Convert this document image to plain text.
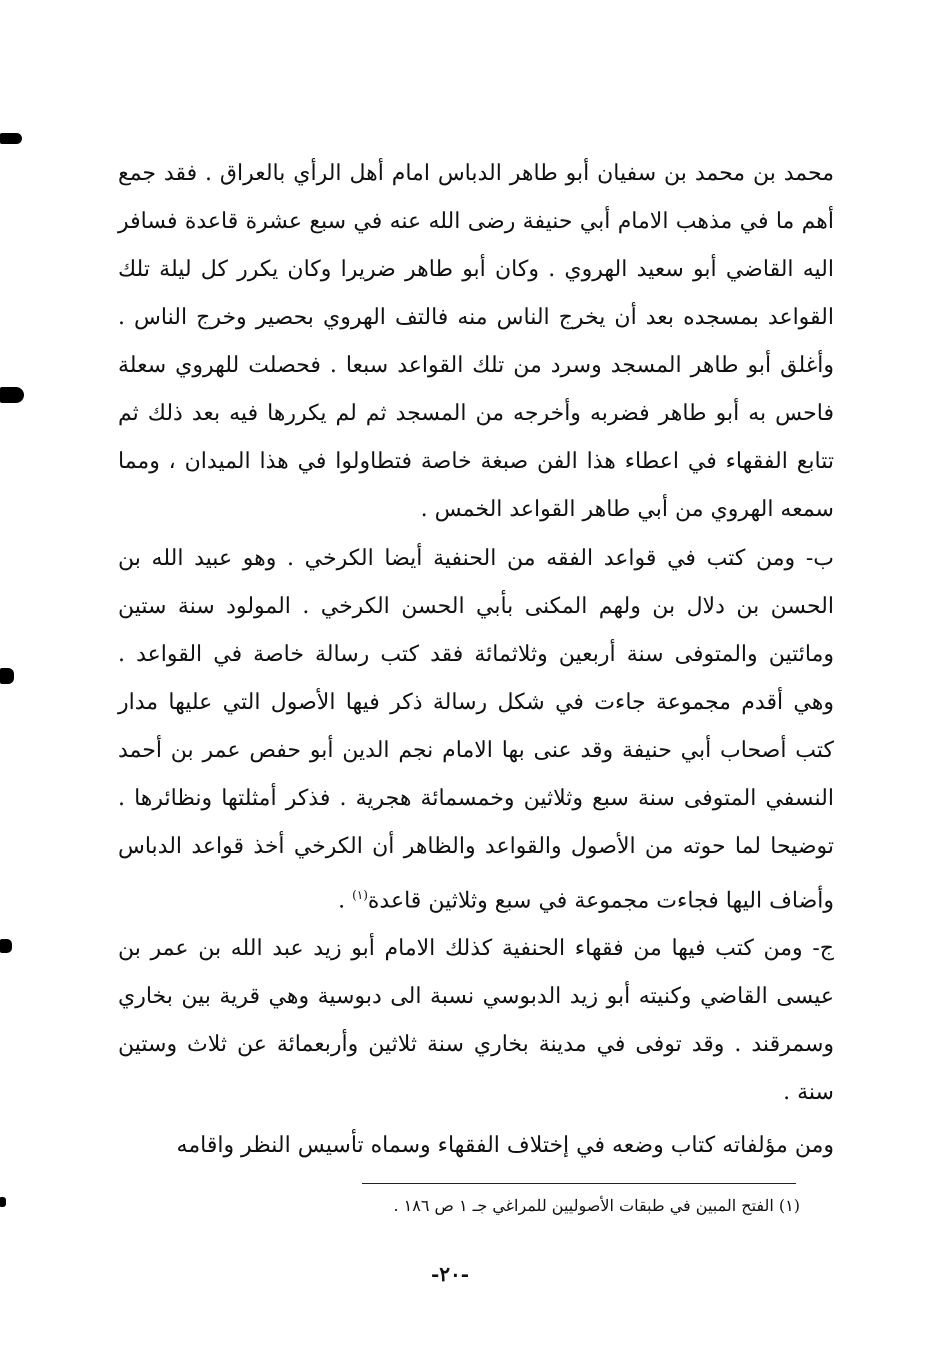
محمد بن محمد بن سفيان أبو طاهر الدباس امام أهل الرأي بالعراق . فقد جمع أهم ما في مذهب الامام أبي حنيفة رضى الله عنه في سبع عشرة قاعدة فسافر اليه القاضي أبو سعيد الهروي . وكان أبو طاهر ضريرا وكان يكرر كل ليلة تلك القواعد بمسجده بعد أن يخرج الناس منه فالتف الهروي بحصير وخرج الناس . وأغلق أبو طاهر المسجد وسرد من تلك القواعد سبعا . فحصلت للهروي سعلة فاحس به أبو طاهر فضربه وأخرجه من المسجد ثم لم يكررها فيه بعد ذلك ثم تتابع الفقهاء في اعطاء هذا الفن صبغة خاصة فتطاولوا في هذا الميدان ، ومما سمعه الهروي من أبي طاهر القواعد الخمس .

ب- ومن كتب في قواعد الفقه من الحنفية أيضا الكرخي . وهو عبيد الله بن الحسن بن دلال بن ولهم المكنى بأبي الحسن الكرخي . المولود سنة ستين ومائتين والمتوفى سنة أربعين وثلاثمائة فقد كتب رسالة خاصة في القواعد . وهي أقدم مجموعة جاءت في شكل رسالة ذكر فيها الأصول التي عليها مدار كتب أصحاب أبي حنيفة وقد عنى بها الامام نجم الدين أبو حفص عمر بن أحمد النسفي المتوفى سنة سبع وثلاثين وخمسمائة هجرية . فذكر أمثلتها ونظائرها . توضيحا لما حوته من الأصول والقواعد والظاهر أن الكرخي أخذ قواعد الدباس وأضاف اليها فجاءت مجموعة في سبع وثلاثين قاعدة$^{(١)}$ .

ج- ومن كتب فيها من فقهاء الحنفية كذلك الامام أبو زيد عبد الله بن عمر بن عيسى القاضي وكنيته أبو زيد الدبوسي نسبة الى دبوسية وهي قرية بين بخاري وسمرقند . وقد توفى في مدينة بخاري سنة ثلاثين وأربعمائة عن ثلاث وستين سنة .

ومن مؤلفاته كتاب وضعه في إختلاف الفقهاء وسماه تأسيس النظر واقامه

(١) الفتح المبين في طبقات الأصوليين للمراغي جـ ١ ص ١٨٦ .
-٢٠-
